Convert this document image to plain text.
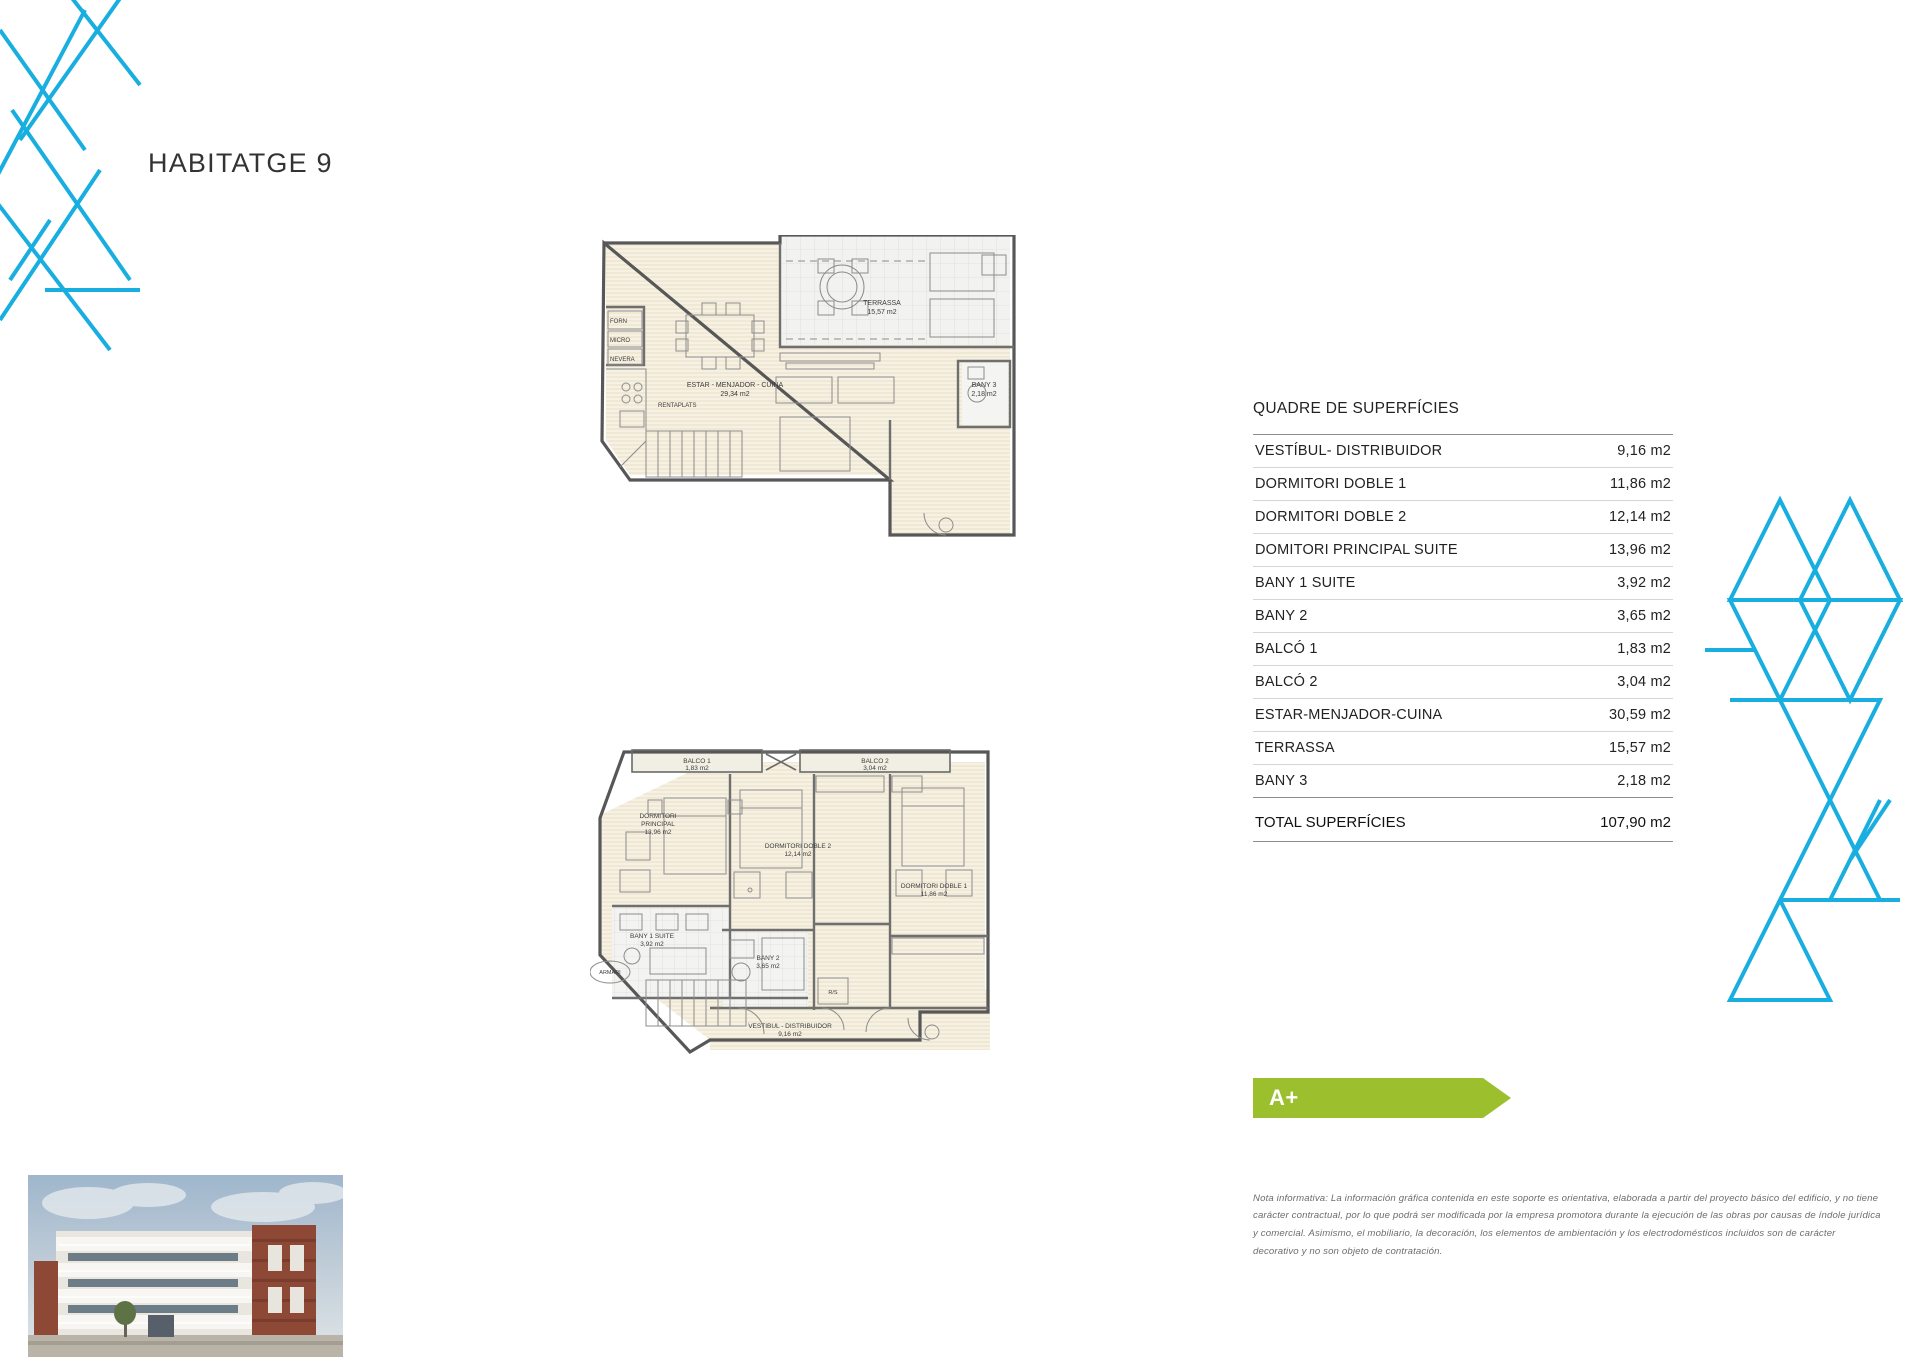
HABITATGE 9
TERRASSA
15,57 m2
ESTAR - MENJADOR - CUINA
29,34 m2
BANY 3
2,18 m2
FORN
MICRO
NEVERA
RENTAPLATS
BALCO 1
1,83 m2
BALCO 2
3,04 m2
DORMITORI
PRINCIPAL
13,96 m2
DORMITORI DOBLE 2
12,14 m2
DORMITORI DOBLE 1
11,86 m2
BANY 1 SUITE
3,92 m2
BANY 2
3,65 m2
VESTIBUL - DISTRIBUIDOR
9,16 m2
ARMARI
R/S
QUADRE DE SUPERFÍCIES
VESTÍBUL- DISTRIBUIDOR	9,16 m2
DORMITORI DOBLE 1	11,86 m2
DORMITORI DOBLE 2	12,14 m2
DOMITORI PRINCIPAL SUITE	13,96 m2
BANY 1 SUITE	3,92 m2
BANY 2	3,65 m2
BALCÓ 1	1,83 m2
BALCÓ 2	3,04 m2
ESTAR-MENJADOR-CUINA	30,59 m2
TERRASSA	15,57 m2
BANY 3	2,18 m2
TOTAL SUPERFÍCIES	107,90 m2
A+

Nota informativa: La información gráfica contenida en este soporte es orientativa, elaborada a partir del proyecto básico del edificio, y no tiene carácter contractual, por lo que podrá ser modificada por la empresa promotora durante la ejecución de las obras por causas de índole jurídica y comercial. Asimismo, el mobiliario, la decoración, los elementos de ambientación y los electrodomésticos incluidos son de carácter decorativo y no son objeto de contratación.
